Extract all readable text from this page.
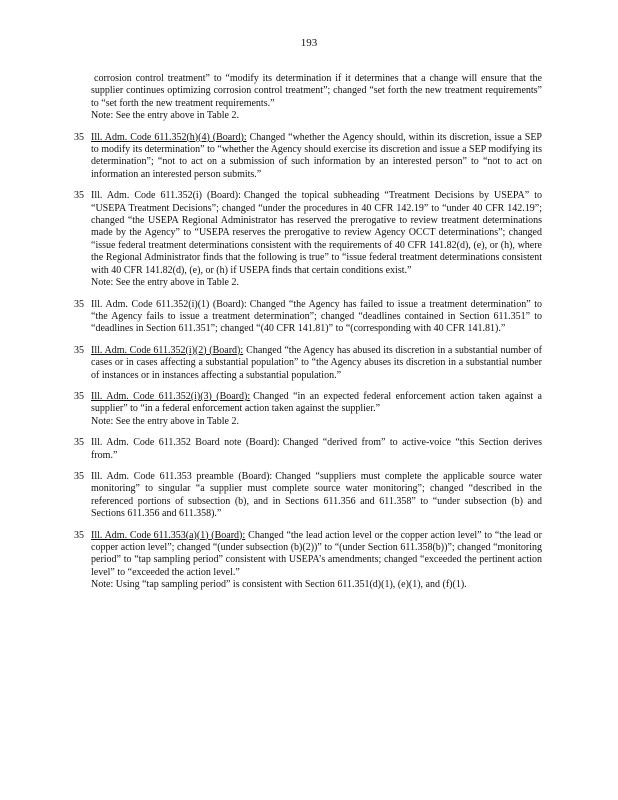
193
corrosion control treatment” to “modify its determination if it determines that a change will ensure that the supplier continues optimizing corrosion control treatment”; changed “set forth the new treatment requirements” to “set forth the new treatment requirements.”
Note: See the entry above in Table 2.
35 Ill. Adm. Code 611.352(h)(4) (Board): Changed “whether the Agency should, within its discretion, issue a SEP to modify its determination” to “whether the Agency should exercise its discretion and issue a SEP modifying its determination”; “not to act on a submission of such information by an interested person” to “not to act on information an interested person submits.”
35 Ill. Adm. Code 611.352(i) (Board): Changed the topical subheading “Treatment Decisions by USEPA” to “USEPA Treatment Decisions”; changed “under the procedures in 40 CFR 142.19” to “under 40 CFR 142.19”; changed “the USEPA Regional Administrator has reserved the prerogative to review treatment determinations made by the Agency” to “USEPA reserves the prerogative to review Agency OCCT determinations”; changed “issue federal treatment determinations consistent with the requirements of 40 CFR 141.82(d), (e), or (h), where the Regional Administrator finds that the following is true” to “issue federal treatment determinations consistent with 40 CFR 141.82(d), (e), or (h) if USEPA finds that certain conditions exist.”
Note: See the entry above in Table 2.
35 Ill. Adm. Code 611.352(i)(1) (Board): Changed “the Agency has failed to issue a treatment determination” to “the Agency fails to issue a treatment determination”; changed “deadlines contained in Section 611.351” to “deadlines in Section 611.351”; changed “(40 CFR 141.81)” to “(corresponding with 40 CFR 141.81).”
35 Ill. Adm. Code 611.352(i)(2) (Board): Changed “the Agency has abused its discretion in a substantial number of cases or in cases affecting a substantial population” to “the Agency abuses its discretion in a substantial number of instances or in instances affecting a substantial population.”
35 Ill. Adm. Code 611.352(i)(3) (Board): Changed “in an expected federal enforcement action taken against a supplier” to “in a federal enforcement action taken against the supplier.”
Note: See the entry above in Table 2.
35 Ill. Adm. Code 611.352 Board note (Board): Changed “derived from” to active-voice “this Section derives from.”
35 Ill. Adm. Code 611.353 preamble (Board): Changed “suppliers must complete the applicable source water monitoring” to singular “a supplier must complete source water monitoring”; changed “described in the referenced portions of subsection (b), and in Sections 611.356 and 611.358” to “under subsection (b) and Sections 611.356 and 611.358).”
35 Ill. Adm. Code 611.353(a)(1) (Board): Changed “the lead action level or the copper action level” to “the lead or copper action level”; changed “(under subsection (b)(2))” to “(under Section 611.358(b))”; changed “monitoring period” to “tap sampling period” consistent with USEPA’s amendments; changed “exceeded the pertinent action level” to “exceeded the action level.”
Note: Using “tap sampling period” is consistent with Section 611.351(d)(1), (e)(1), and (f)(1).
